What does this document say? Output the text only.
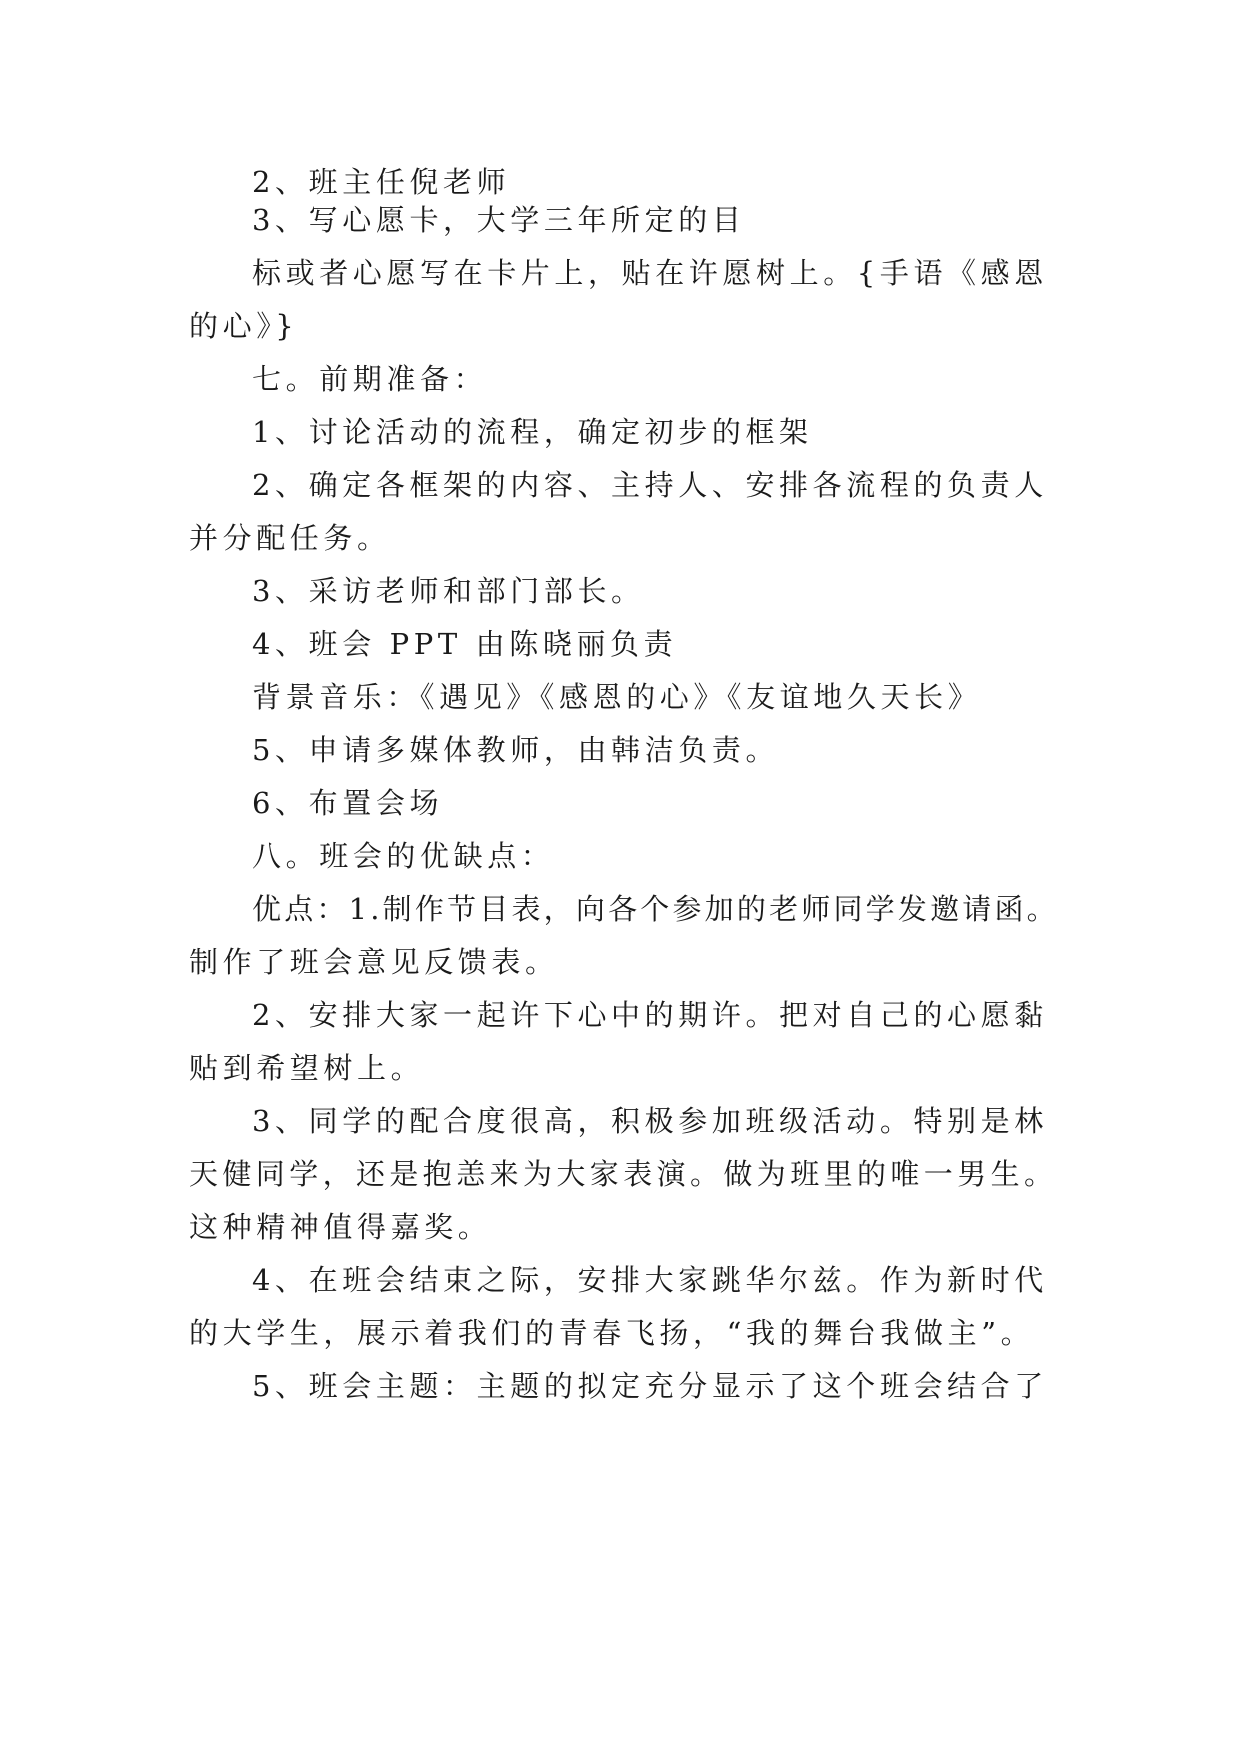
2、班主任倪老师
3、写心愿卡，大学三年所定的目
标或者心愿写在卡片上，贴在许愿树上。{手语《感恩
的心》}
七。前期准备：
1、讨论活动的流程，确定初步的框架
2、确定各框架的内容、主持人、安排各流程的负责人
并分配任务。
3、采访老师和部门部长。
4、班会 PPT 由陈晓丽负责
背景音乐：《遇见》《感恩的心》《友谊地久天长》
5、申请多媒体教师，由韩洁负责。
6、布置会场
八。班会的优缺点：
优点：1.制作节目表，向各个参加的老师同学发邀请函。
制作了班会意见反馈表。
2、安排大家一起许下心中的期许。把对自己的心愿黏
贴到希望树上。
3、同学的配合度很高，积极参加班级活动。特别是林
天健同学，还是抱恙来为大家表演。做为班里的唯一男生。
这种精神值得嘉奖。
4、在班会结束之际，安排大家跳华尔兹。作为新时代
的大学生，展示着我们的青春飞扬，“我的舞台我做主”。
5、班会主题：主题的拟定充分显示了这个班会结合了
